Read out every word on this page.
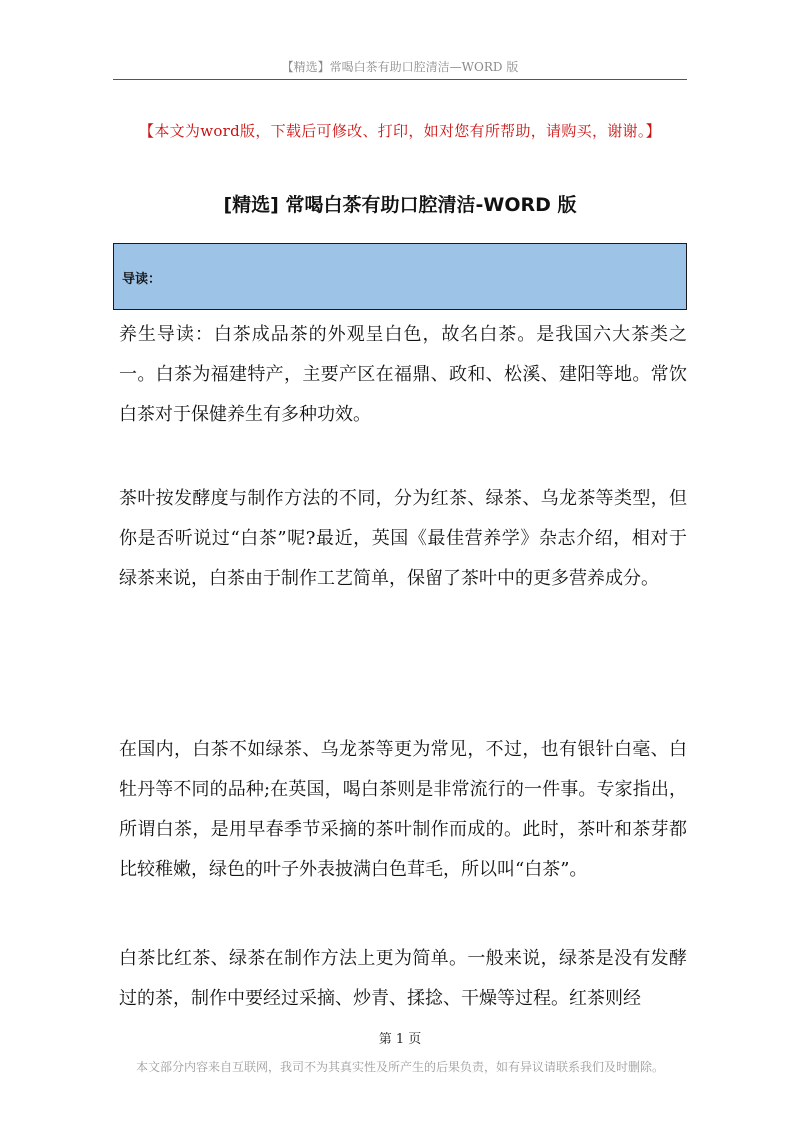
【精选】常喝白茶有助口腔清洁—WORD 版
【本文为word版，下载后可修改、打印，如对您有所帮助，请购买，谢谢。】
[精选] 常喝白茶有助口腔清洁-WORD 版
导读：

养生导读：白茶成品茶的外观呈白色，故名白茶。是我国六大茶类之一。白茶为福建特产，主要产区在福鼎、政和、松溪、建阳等地。常饮白茶对于保健养生有多种功效。

茶叶按发酵度与制作方法的不同，分为红茶、绿茶、乌龙茶等类型，但你是否听说过“白茶”呢?最近，英国《最佳营养学》杂志介绍，相对于绿茶来说，白茶由于制作工艺简单，保留了茶叶中的更多营养成分。

在国内，白茶不如绿茶、乌龙茶等更为常见，不过，也有银针白毫、白牡丹等不同的品种;在英国，喝白茶则是非常流行的一件事。专家指出，所谓白茶，是用早春季节采摘的茶叶制作而成的。此时，茶叶和茶芽都比较稚嫩，绿色的叶子外表披满白色茸毛，所以叫“白茶”。

白茶比红茶、绿茶在制作方法上更为简单。一般来说，绿茶是没有发酵过的茶，制作中要经过采摘、炒青、揉捻、干燥等过程。红茶则经

第 1 页
本文部分内容来自互联网，我司不为其真实性及所产生的后果负责，如有异议请联系我们及时删除。
